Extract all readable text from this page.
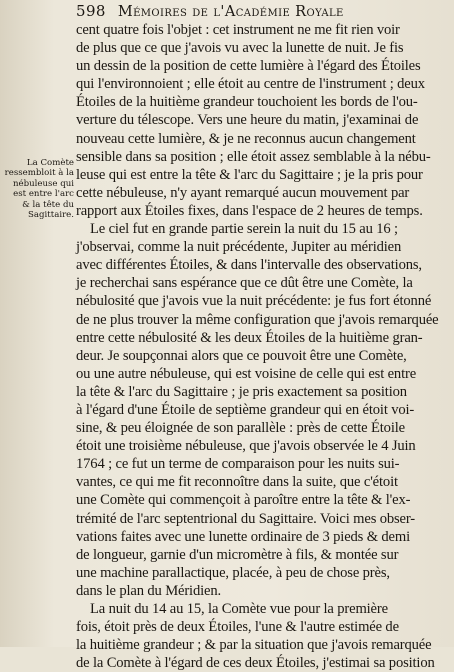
598 Mémoires de l'Académie Royale
La Comète
ressembloit à la
nébuleuse qui
est entre l'arc
& la tête du
Sagittaire.
cent quatre fois l'objet : cet instrument ne me fit rien voir
de plus que ce que j'avois vu avec la lunette de nuit. Je fis
un dessin de la position de cette lumière à l'égard des Étoiles
qui l'environnoient ; elle étoit au centre de l'instrument ; deux
Étoiles de la huitième grandeur touchoient les bords de l'ou-
verture du télescope. Vers une heure du matin, j'examinai de
nouveau cette lumière, & je ne reconnus aucun changement
sensible dans sa position ; elle étoit assez semblable à la nébu-
leuse qui est entre la tête & l'arc du Sagittaire ; je la pris pour
cette nébuleuse, n'y ayant remarqué aucun mouvement par
rapport aux Étoiles fixes, dans l'espace de 2 heures de temps.
Le ciel fut en grande partie serein la nuit du 15 au 16 ;
j'observai, comme la nuit précédente, Jupiter au méridien
avec différentes Étoiles, & dans l'intervalle des observations,
je recherchai sans espérance que ce dût être une Comète, la
nébulosité que j'avois vue la nuit précédente: je fus fort étonné
de ne plus trouver la même configuration que j'avois remarquée
entre cette nébulosité & les deux Étoiles de la huitième gran-
deur. Je soupçonnai alors que ce pouvoit être une Comète,
ou une autre nébuleuse, qui est voisine de celle qui est entre
la tête & l'arc du Sagittaire ; je pris exactement sa position
à l'égard d'une Étoile de septième grandeur qui en étoit voi-
sine, & peu éloignée de son parallèle : près de cette Étoile
étoit une troisième nébuleuse, que j'avois observée le 4 Juin
1764 ; ce fut un terme de comparaison pour les nuits sui-
vantes, ce qui me fit reconnoître dans la suite, que c'étoit
une Comète qui commençoit à paroître entre la tête & l'ex-
trémité de l'arc septentrional du Sagittaire. Voici mes obser-
vations faites avec une lunette ordinaire de 3 pieds & demi
de longueur, garnie d'un micromètre à fils, & montée sur
une machine parallactique, placée, à peu de chose près,
dans le plan du Méridien.
La nuit du 14 au 15, la Comète vue pour la première
fois, étoit près de deux Étoiles, l'une & l'autre estimée de
la huitième grandeur ; & par la situation que j'avois remarquée
de la Comète à l'égard de ces deux Étoiles, j'estimai sa position
